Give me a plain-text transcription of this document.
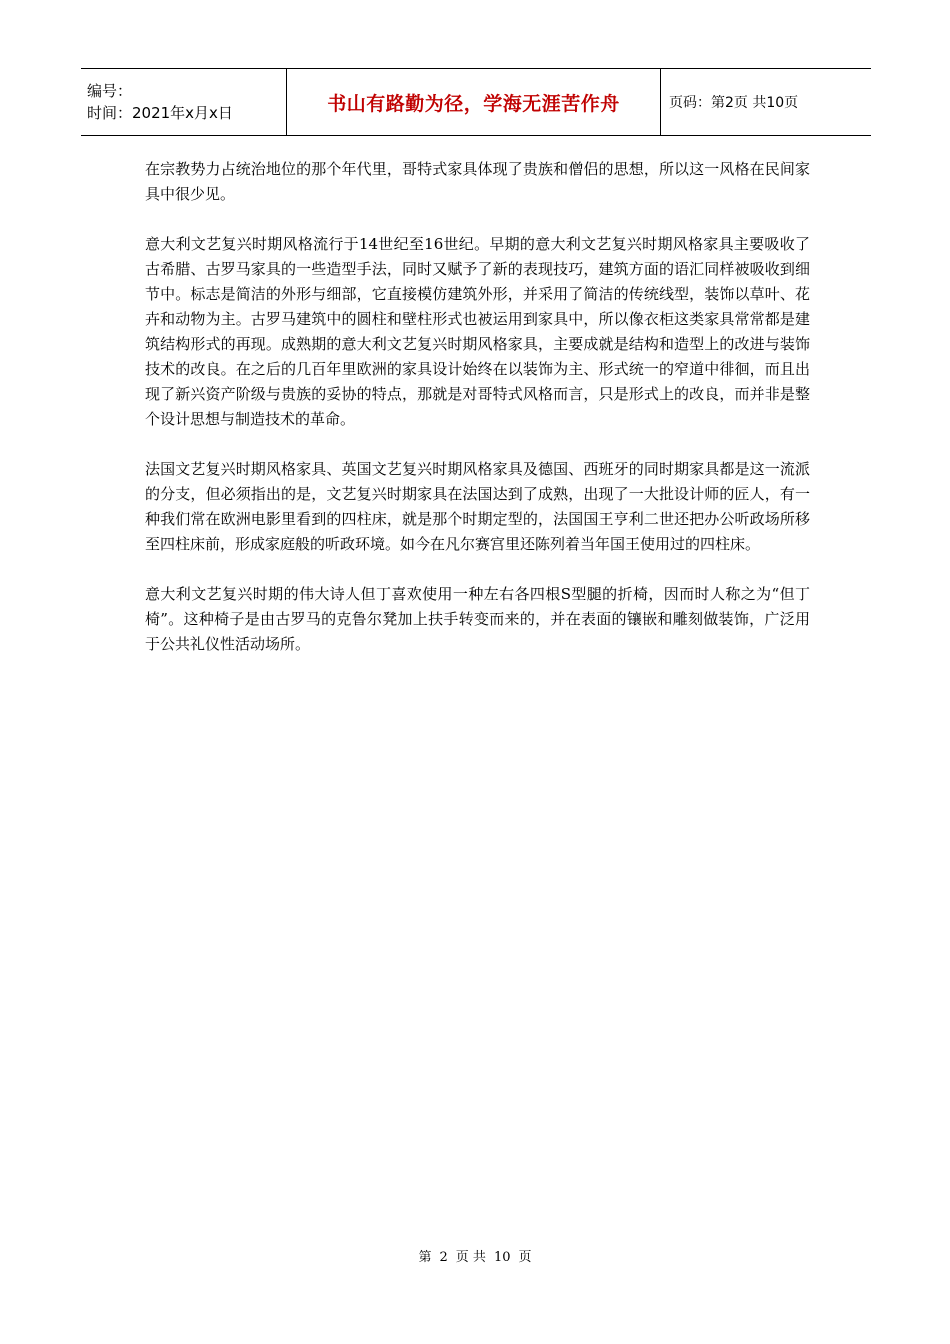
编号：
时间：2021年x月x日	书山有路勤为径，学海无涯苦作舟	页码：第2页 共10页

在宗教势力占统治地位的那个年代里，哥特式家具体现了贵族和僧侣的思想，所以这一风格在民间家具中很少见。

意大利文艺复兴时期风格流行于14世纪至16世纪。早期的意大利文艺复兴时期风格家具主要吸收了古希腊、古罗马家具的一些造型手法，同时又赋予了新的表现技巧，建筑方面的语汇同样被吸收到细节中。标志是简洁的外形与细部，它直接模仿建筑外形，并采用了简洁的传统线型，装饰以草叶、花卉和动物为主。古罗马建筑中的圆柱和壁柱形式也被运用到家具中，所以像衣柜这类家具常常都是建筑结构形式的再现。成熟期的意大利文艺复兴时期风格家具，主要成就是结构和造型上的改进与装饰技术的改良。在之后的几百年里欧洲的家具设计始终在以装饰为主、形式统一的窄道中徘徊，而且出现了新兴资产阶级与贵族的妥协的特点，那就是对哥特式风格而言，只是形式上的改良，而并非是整个设计思想与制造技术的革命。

法国文艺复兴时期风格家具、英国文艺复兴时期风格家具及德国、西班牙的同时期家具都是这一流派的分支，但必须指出的是，文艺复兴时期家具在法国达到了成熟，出现了一大批设计师的匠人，有一种我们常在欧洲电影里看到的四柱床，就是那个时期定型的，法国国王亨利二世还把办公听政场所移至四柱床前，形成家庭般的听政环境。如今在凡尔赛宫里还陈列着当年国王使用过的四柱床。

意大利文艺复兴时期的伟大诗人但丁喜欢使用一种左右各四根S型腿的折椅，因而时人称之为“但丁椅”。这种椅子是由古罗马的克鲁尔凳加上扶手转变而来的，并在表面的镶嵌和雕刻做装饰，广泛用于公共礼仪性活动场所。

第 2 页 共 10 页
